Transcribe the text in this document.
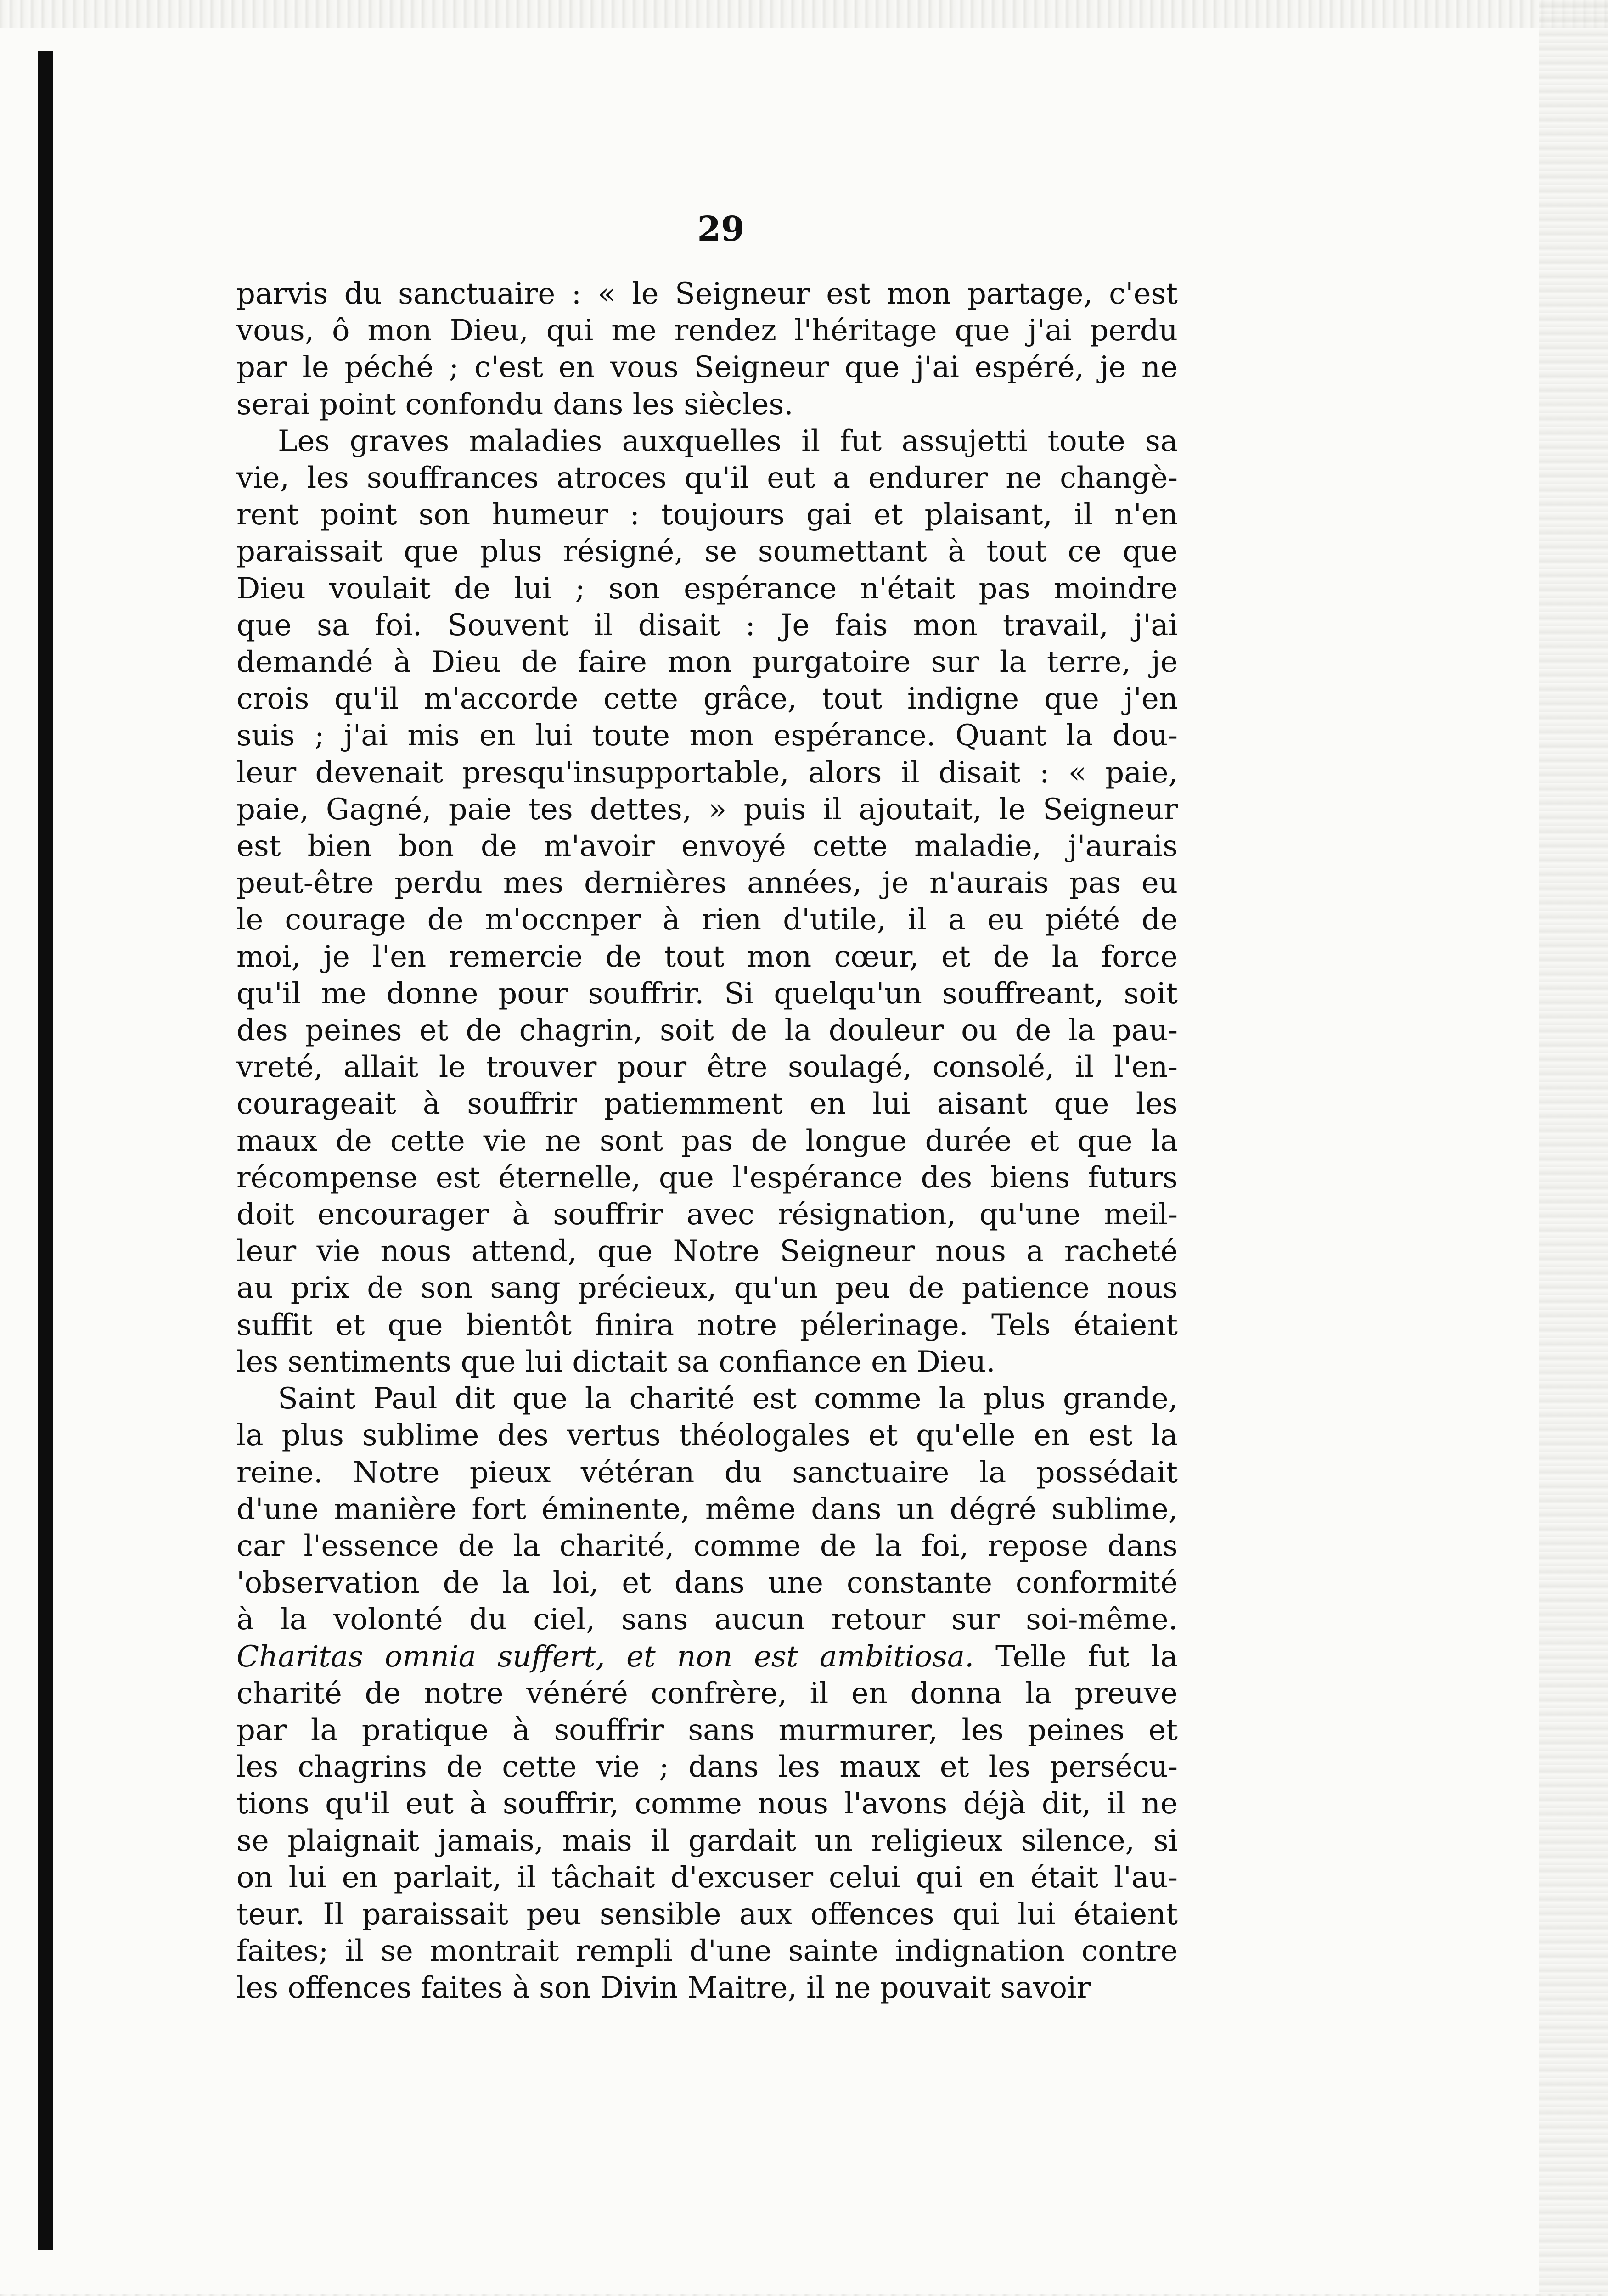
29
parvis du sanctuaire : « le Seigneur est mon partage, c'est
vous, ô mon Dieu, qui me rendez l'héritage que j'ai perdu
par le péché ; c'est en vous Seigneur que j'ai espéré, je ne
serai point confondu dans les siècles.
Les graves maladies auxquelles il fut assujetti toute sa
vie, les souffrances atroces qu'il eut a endurer ne changè-
rent point son humeur : toujours gai et plaisant, il n'en
paraissait que plus résigné, se soumettant à tout ce que
Dieu voulait de lui ; son espérance n'était pas moindre
que sa foi. Souvent il disait : Je fais mon travail, j'ai
demandé à Dieu de faire mon purgatoire sur la terre, je
crois qu'il m'accorde cette grâce, tout indigne que j'en
suis ; j'ai mis en lui toute mon espérance. Quant la dou-
leur devenait presqu'insupportable, alors il disait : « paie,
paie, Gagné, paie tes dettes, » puis il ajoutait, le Seigneur
est bien bon de m'avoir envoyé cette maladie, j'aurais
peut-être perdu mes dernières années, je n'aurais pas eu
le courage de m'occnper à rien d'utile, il a eu piété de
moi, je l'en remercie de tout mon cœur, et de la force
qu'il me donne pour souffrir. Si quelqu'un souffreant, soit
des peines et de chagrin, soit de la douleur ou de la pau-
vreté, allait le trouver pour être soulagé, consolé, il l'en-
courageait à souffrir patiemment en lui aisant que les
maux de cette vie ne sont pas de longue durée et que la
récompense est éternelle, que l'espérance des biens futurs
doit encourager à souffrir avec résignation, qu'une meil-
leur vie nous attend, que Notre Seigneur nous a racheté
au prix de son sang précieux, qu'un peu de patience nous
suffit et que bientôt finira notre pélerinage. Tels étaient
les sentiments que lui dictait sa confiance en Dieu.
Saint Paul dit que la charité est comme la plus grande,
la plus sublime des vertus théologales et qu'elle en est la
reine. Notre pieux vétéran du sanctuaire la possédait
d'une manière fort éminente, même dans un dégré sublime,
car l'essence de la charité, comme de la foi, repose dans
'observation de la loi, et dans une constante conformité
à la volonté du ciel, sans aucun retour sur soi-même.
Charitas omnia suffert, et non est ambitiosa. Telle fut la
charité de notre vénéré confrère, il en donna la preuve
par la pratique à souffrir sans murmurer, les peines et
les chagrins de cette vie ; dans les maux et les persécu-
tions qu'il eut à souffrir, comme nous l'avons déjà dit, il ne
se plaignait jamais, mais il gardait un religieux silence, si
on lui en parlait, il tâchait d'excuser celui qui en était l'au-
teur. Il paraissait peu sensible aux offences qui lui étaient
faites; il se montrait rempli d'une sainte indignation contre
les offences faites à son Divin Maitre, il ne pouvait savoir
